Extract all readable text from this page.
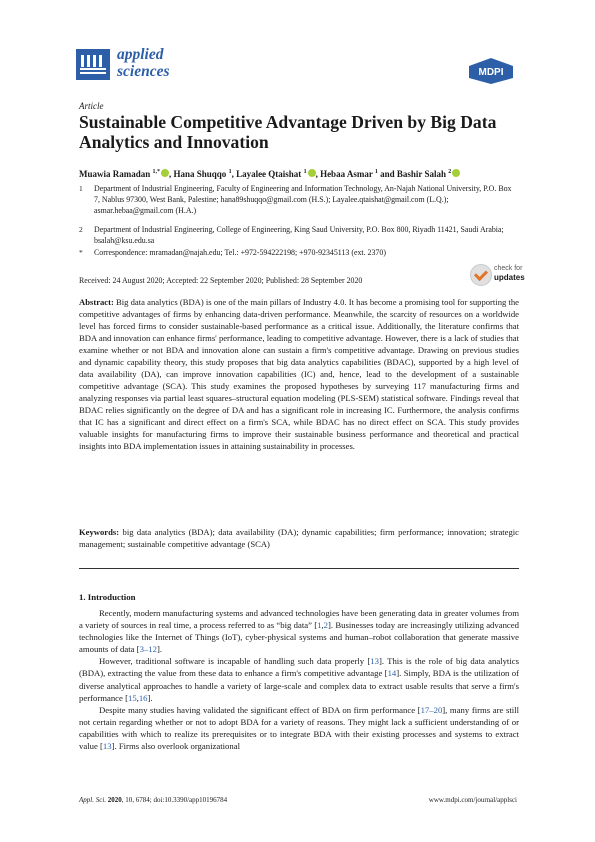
applied
sciences	MDPI
Article
Sustainable Competitive Advantage Driven by Big Data Analytics and Innovation
Muawia Ramadan $^{1,*}$ , Hana Shuqqo $^1$, Layalee Qtaishat $^1$ , Hebaa Asmar $^1$ and Bashir Salah $^2$
1	Department of Industrial Engineering, Faculty of Engineering and Information Technology, An-Najah National University, P.O. Box 7, Nablus 97300, West Bank, Palestine; hana89shuqqo@gmail.com (H.S.); Layalee.qtaishat@gmail.com (L.Q.); asmar.hebaa@gmail.com (H.A.)
2	Department of Industrial Engineering, College of Engineering, King Saud University, P.O. Box 800, Riyadh 11421, Saudi Arabia; bsalah@ksu.edu.sa
*	Correspondence: mramadan@najah.edu; Tel.: +972-594222198; +970-92345113 (ext. 2370)
Received: 24 August 2020; Accepted: 22 September 2020; Published: 28 September 2020
check for
updates
Abstract: Big data analytics (BDA) is one of the main pillars of Industry 4.0. It has become a promising tool for supporting the competitive advantages of firms by enhancing data-driven performance. Meanwhile, the scarcity of resources on a worldwide level has forced firms to consider sustainable-based performance as a critical issue. Additionally, the literature confirms that BDA and innovation can enhance firms' performance, leading to competitive advantage. However, there is a lack of studies that examine whether or not BDA and innovation alone can sustain a firm's competitive advantage. Drawing on previous studies and dynamic capability theory, this study proposes that big data analytics capabilities (BDAC), supported by a high level of data availability (DA), can improve innovation capabilities (IC) and, hence, lead to the development of a sustainable competitive advantage (SCA). This study examines the proposed hypotheses by surveying 117 manufacturing firms and analyzing responses via partial least squares–structural equation modeling (PLS-SEM) statistical software. Findings reveal that BDAC relies significantly on the degree of DA and has a significant role in increasing IC. Furthermore, the analysis confirms that IC has a significant and direct effect on a firm's SCA, while BDAC has no direct effect on SCA. This study provides valuable insights for manufacturing firms to improve their sustainable business performance and theoretical and practical insights into BDA implementation issues in attaining sustainability in processes.
Keywords: big data analytics (BDA); data availability (DA); dynamic capabilities; firm performance; innovation; strategic management; sustainable competitive advantage (SCA)
1. Introduction

Recently, modern manufacturing systems and advanced technologies have been generating data in greater volumes from a variety of sources in real time, a process referred to as “big data” [1,2]. Businesses today are increasingly utilizing advanced technologies like the Internet of Things (IoT), cyber-physical systems and human–robot collaboration that generate massive amounts of data [3–12].

However, traditional software is incapable of handling such data properly [13]. This is the role of big data analytics (BDA), extracting the value from these data to enhance a firm's competitive advantage [14]. Simply, BDA is the utilization of diverse analytical approaches to handle a variety of large-scale and complex data to extract usable results that serve a firm's performance [15,16].

Despite many studies having validated the significant effect of BDA on firm performance [17–20], many firms are still not certain regarding whether or not to adopt BDA for a variety of reasons. They might lack a sufficient understanding of or capabilities with which to realize its prerequisites or to integrate BDA with their existing processes and systems to extract value [13]. Firms also overlook organizational

Appl. Sci. 2020, 10, 6784; doi:10.3390/app10196784	www.mdpi.com/journal/applsci
